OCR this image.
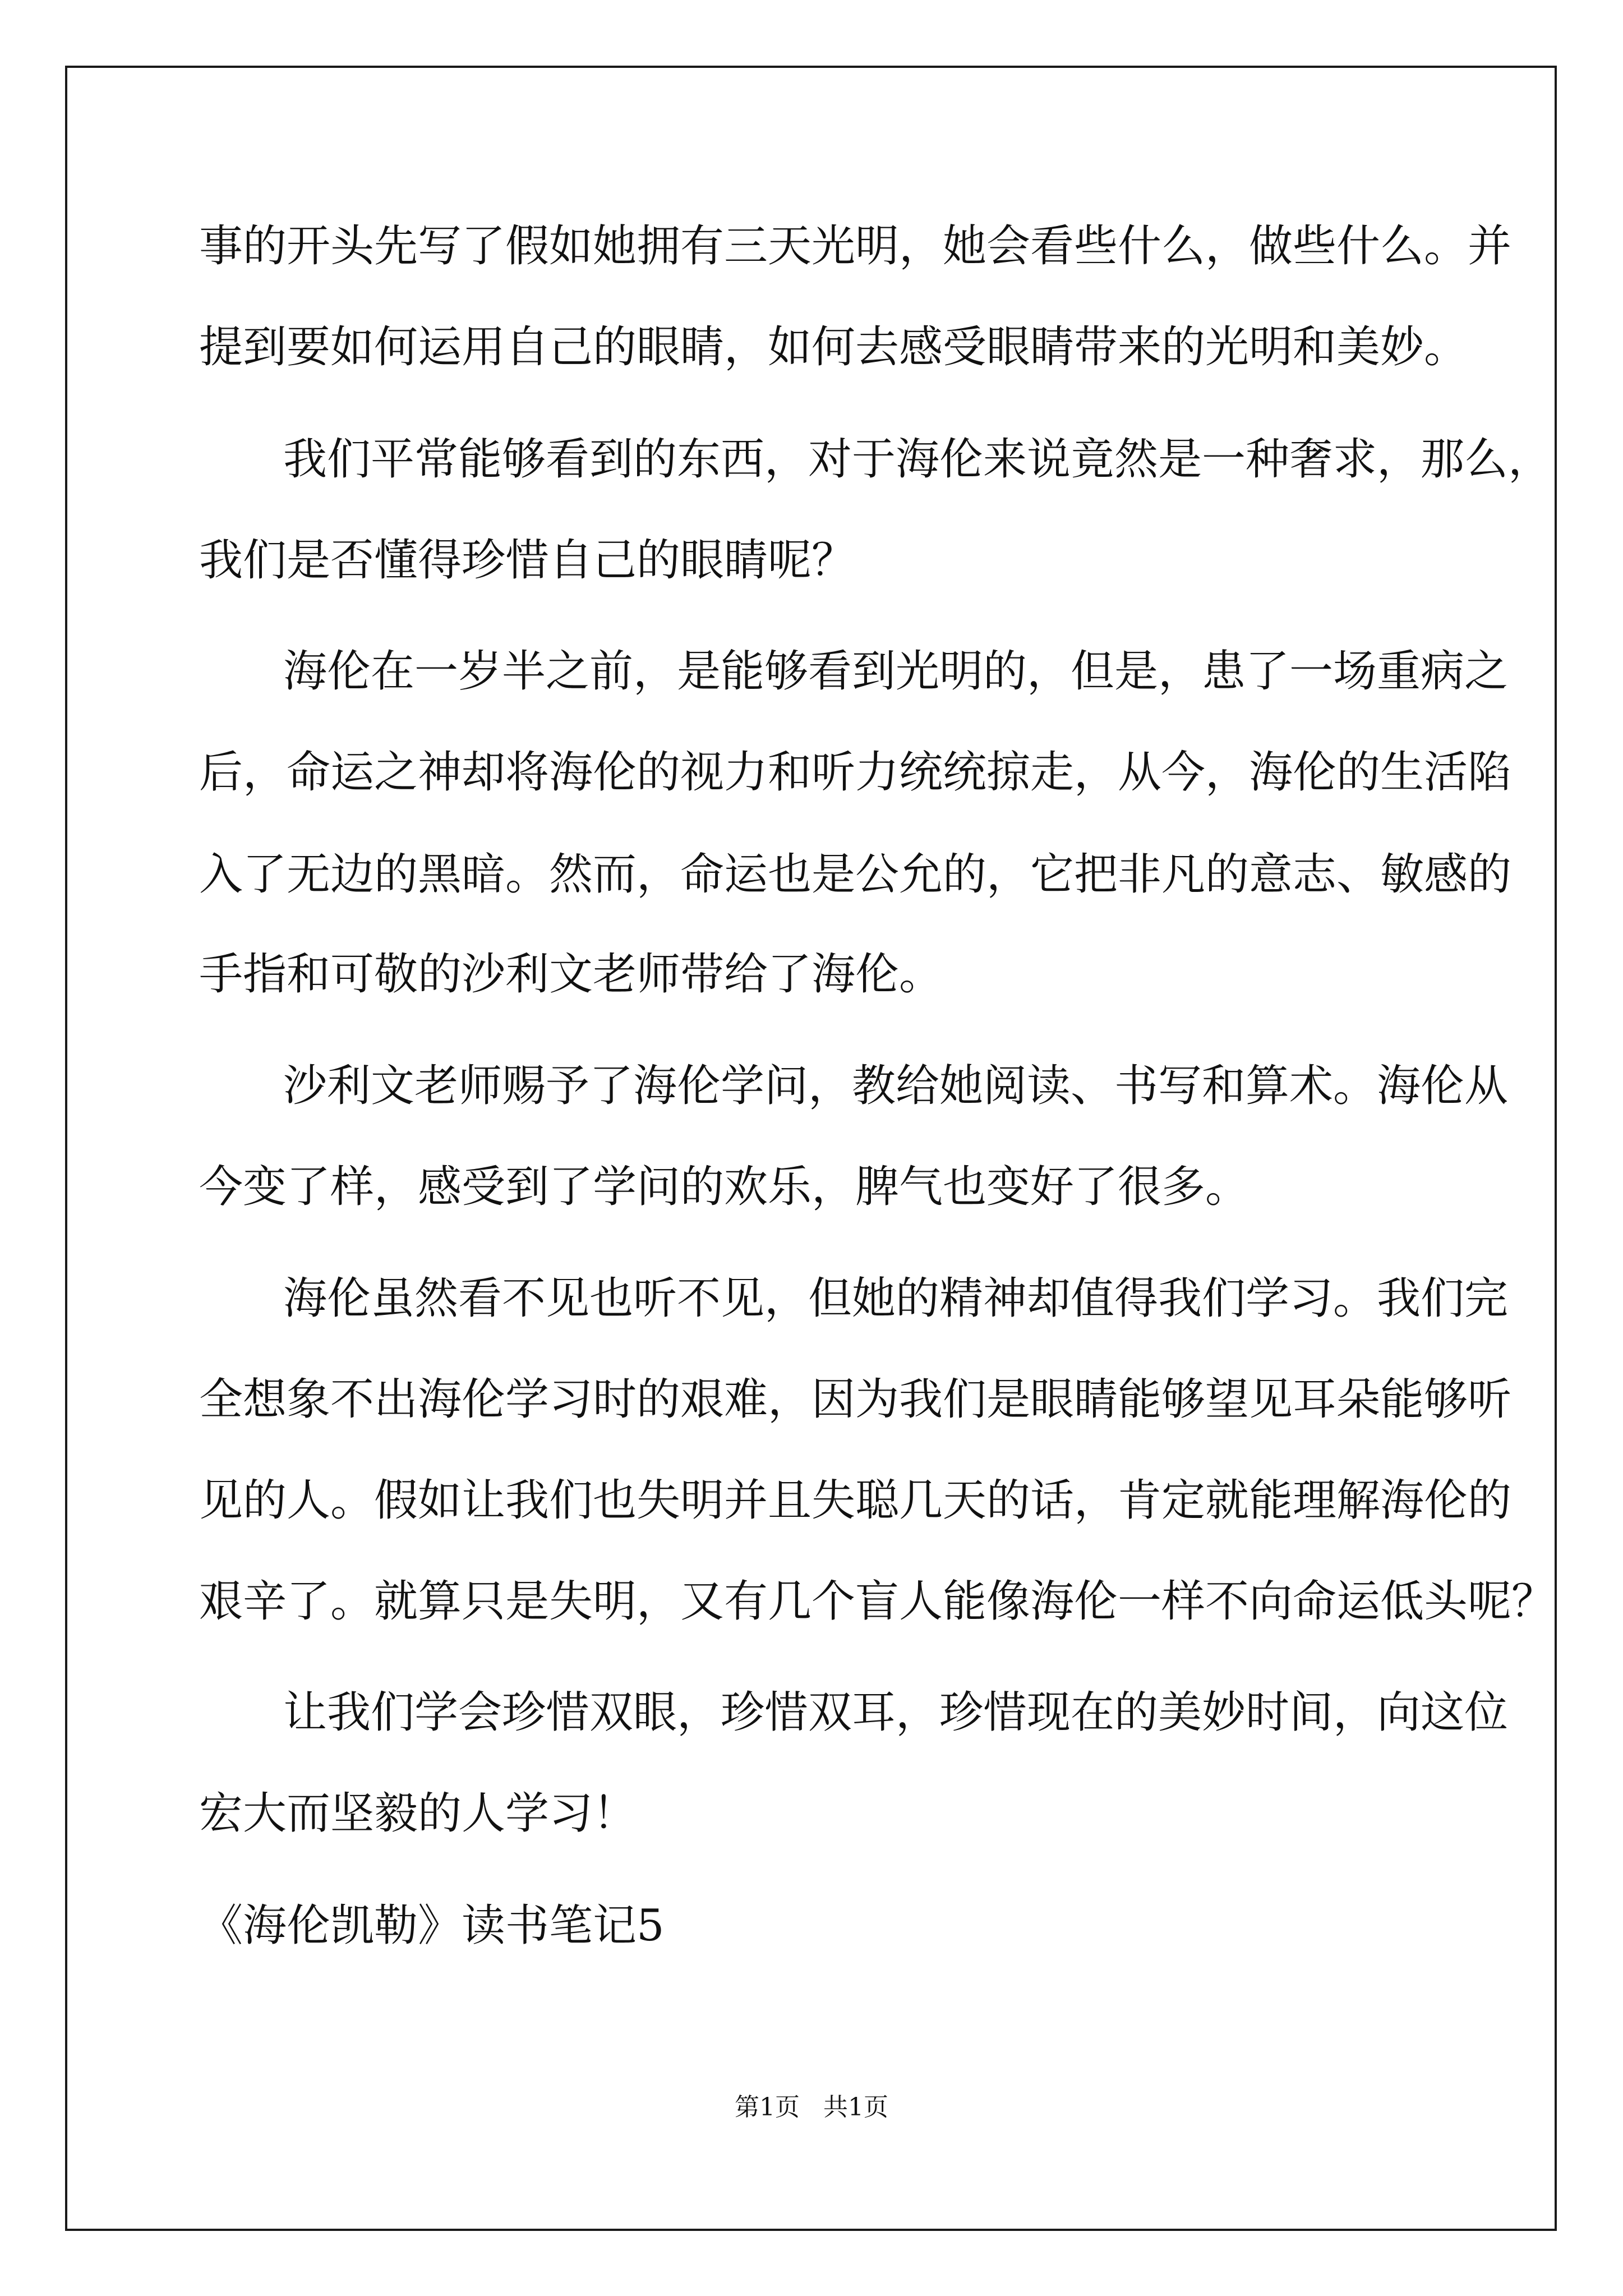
事的开头先写了假如她拥有三天光明，她会看些什么，做些什么。并
提到要如何运用自己的眼睛，如何去感受眼睛带来的光明和美妙。
我们平常能够看到的东西，对于海伦来说竟然是一种奢求，那么，
我们是否懂得珍惜自己的眼睛呢？
海伦在一岁半之前，是能够看到光明的，但是，患了一场重病之
后，命运之神却将海伦的视力和听力统统掠走，从今，海伦的生活陷
入了无边的黑暗。然而，命运也是公允的，它把非凡的意志、敏感的
手指和可敬的沙利文老师带给了海伦。
沙利文老师赐予了海伦学问，教给她阅读、书写和算术。海伦从
今变了样，感受到了学问的欢乐，脾气也变好了很多。
海伦虽然看不见也听不见，但她的精神却值得我们学习。我们完
全想象不出海伦学习时的艰难，因为我们是眼睛能够望见耳朵能够听
见的人。假如让我们也失明并且失聪几天的话，肯定就能理解海伦的
艰辛了。就算只是失明，又有几个盲人能像海伦一样不向命运低头呢？
让我们学会珍惜双眼，珍惜双耳，珍惜现在的美妙时间，向这位
宏大而坚毅的人学习！
《海伦凯勒》读书笔记5
第1页   共1页
